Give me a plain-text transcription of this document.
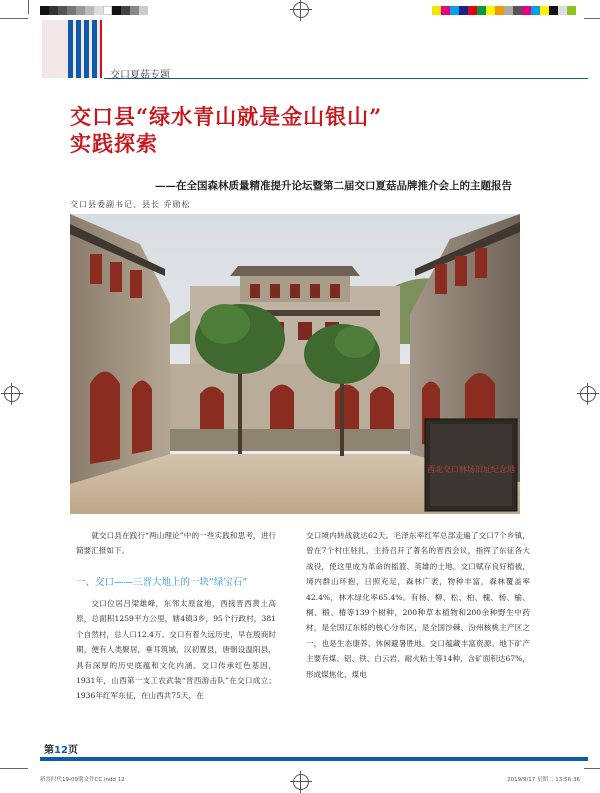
交口夏菇专题
交口县“绿水青山就是金山银山”
实践探索
——在全国森林质量精准提升论坛暨第二届交口夏菇品牌推介会上的主题报告
交口县委副书记、县长 乔勋松
西北交口林场旧址纪念地

就交口县在践行“两山理论”中的一些实践和思考，进行简要汇报如下。

一、交口——三晋大地上的一块“绿宝石”

交口位居吕梁雄峰，东邻太原盆地，西接晋西黄土高原，总面积1259平方公里，辖4镇3乡，95个行政村，381个自然村，总人口12.4万。交口有着久远历史，早在殷商时期，便有人类聚居，垂耳筑城，汉初置县，唐朝设温阳县，具有深厚的历史底蕴和文化内涵。交口传承红色基因，1931年，山西第一支工农武装“晋西游击队”在交口成立；1936年红军东征，在山西共75天，在

交口境内转战就达62天。毛泽东率红军总部走遍了交口7个乡镇，曾在7个村庄驻扎，主持召开了著名的晋西会议，指挥了东征各大战役，使这里成为革命的摇篮、英雄的土地。交口赋存良好植被，境内群山环抱，日照充足，森林广袤，物种丰富，森林覆盖率42.4%，林木绿化率65.4%。有杨、柳、松、柏、槐、杨、榆、桐、椴、椿等139个树种，200种草本植物和200余种野生中药材，是全国辽东栎的核心分布区，是全国沙棘、汾州核桃主产区之一，也是生态康养、休闲避暑胜地。交口蕴藏丰富资源。地下矿产主要有煤、铝、铁、白云岩、耐火粘土等14种，含矿面积达67%，形成煤焦化、煤电

第12页
新晋时代19-09期文件CC.indd 12	2019/9/17 星期二 13:56:36
